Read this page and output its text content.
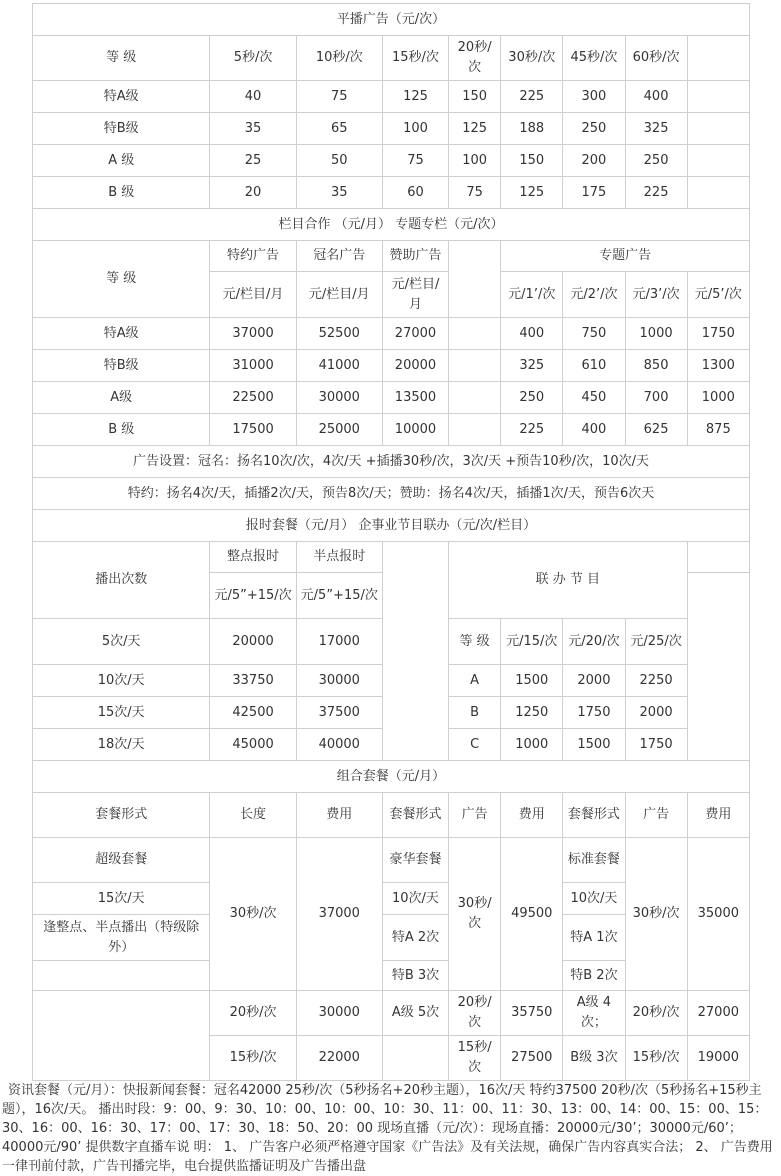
平播广告（元/次）								
等 级	5秒/次	10秒/次	15秒/次	20秒/次	30秒/次	45秒/次	60秒/次	
特A级	40	75	125	150	225	300	400	
特B级	35	65	100	125	188	250	325	
A 级	25	50	75	100	150	200	250	
B 级	20	35	60	75	125	175	225	
栏目合作 （元/月） 专题专栏（元/次）								
等 级	特约广告	冠名广告	赞助广告		专题广告			
	元/栏目/月	元/栏目/月	元/栏目/月		元/1’/次	元/2’/次	元/3’/次	元/5’/次
特A级	37000	52500	27000		400	750	1000	1750
特B级	31000	41000	20000		325	610	850	1300
A级	22500	30000	13500		250	450	700	1000
B 级	17500	25000	10000		225	400	625	875
广告设置：冠名：扬名10次/次，4次/天 +插播30秒/次，3次/天 +预告10秒/次，10次/天								
特约：扬名4次/天，插播2次/天，预告8次/天；赞助：扬名4次/天，插播1次/天，预告6次天								
报时套餐（元/月） 企事业节目联办（元/次/栏目）								
播出次数	整点报时	半点报时		联 办 节 目				
	元/5”+15/次	元/5”+15/次						
5次/天	20000	17000		等 级	元/15/次	元/20/次	元/25/次	
10次/天	33750	30000		A	1500	2000	2250	
15次/天	42500	37500		B	1250	1750	2000	
18次/天	45000	40000		C	1000	1500	1750	
组合套餐（元/月）								
套餐形式	长度	费用	套餐形式	广告	费用	套餐形式	广告	费用
超级套餐	30秒/次	37000	豪华套餐	30秒/次	49500	标准套餐	30秒/次	35000
15次/天			10次/天			10次/天		
逢整点、半点播出（特级除外）			特A 2次			特A 1次		
			特B 3次			特B 2次		
	20秒/次	30000	A级 5次	20秒/次	35750	A级 4次；	20秒/次	27000
	15秒/次	22000		15秒/次	27500	B级 3次	15秒/次	19000
资讯套餐（元/月）：快报新闻套餐：冠名42000 25秒/次（5秒扬名+20秒主题），16次/天 特约37500 20秒/次（5秒扬名+15秒主题），16次/天。 播出时段：9：00、9：30、10：00、10：00、10：30、11：00、11：30、13：00、14：00、15：00、15：30、16：00、16：30、17：00、17：30、18：50、20：00 现场直播（元/次）：现场直播：20000元/30’；30000元/60’；40000元/90’ 提供数字直播车说 明： 1、 广告客户必须严格遵守国家《广告法》及有关法规，确保广告内容真实合法； 2、 广告费用一律刊前付款，广告刊播完毕，电台提供监播证明及广告播出盘
